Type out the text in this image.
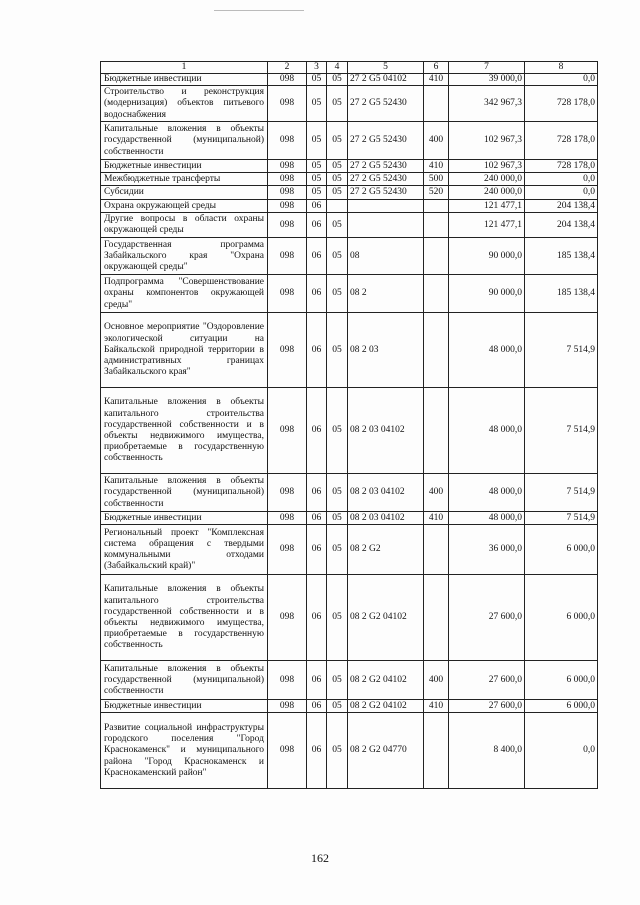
1	2	3	4	5	6	7	8
Бюджетные инвестиции	098	05	05	27 2 G5 04102	410	39 000,0	0,0
Строительство и реконструкция (модернизация) объектов питьевого водоснабжения	098	05	05	27 2 G5 52430		342 967,3	728 178,0
Капитальные вложения в объекты государственной (муниципальной) собственности	098	05	05	27 2 G5 52430	400	102 967,3	728 178,0
Бюджетные инвестиции	098	05	05	27 2 G5 52430	410	102 967,3	728 178,0
Межбюджетные трансферты	098	05	05	27 2 G5 52430	500	240 000,0	0,0
Субсидии	098	05	05	27 2 G5 52430	520	240 000,0	0,0
Охрана окружающей среды	098	06				121 477,1	204 138,4
Другие вопросы в области охраны окружающей среды	098	06	05			121 477,1	204 138,4
Государственная программа Забайкальского края "Охрана окружающей среды"	098	06	05	08		90 000,0	185 138,4
Подпрограмма "Совершенствование охраны компонентов окружающей среды"	098	06	05	08 2		90 000,0	185 138,4
Основное мероприятие "Оздоровление экологической ситуации на Байкальской природной территории в административных границах Забайкальского края"	098	06	05	08 2 03		48 000,0	7 514,9
Капитальные вложения в объекты капитального строительства государственной собственности и в объекты недвижимого имущества, приобретаемые в государственную собственность	098	06	05	08 2 03 04102		48 000,0	7 514,9
Капитальные вложения в объекты государственной (муниципальной) собственности	098	06	05	08 2 03 04102	400	48 000,0	7 514,9
Бюджетные инвестиции	098	06	05	08 2 03 04102	410	48 000,0	7 514,9
Региональный проект "Комплексная система обращения с твердыми коммунальными отходами (Забайкальский край)"	098	06	05	08 2 G2		36 000,0	6 000,0
Капитальные вложения в объекты капитального строительства государственной собственности и в объекты недвижимого имущества, приобретаемые в государственную собственность	098	06	05	08 2 G2 04102		27 600,0	6 000,0
Капитальные вложения в объекты государственной (муниципальной) собственности	098	06	05	08 2 G2 04102	400	27 600,0	6 000,0
Бюджетные инвестиции	098	06	05	08 2 G2 04102	410	27 600,0	6 000,0
Развитие социальной инфраструктуры городского поселения "Город Краснокаменск" и муниципального района "Город Краснокаменск и Краснокаменский район"	098	06	05	08 2 G2 04770		8 400,0	0,0
162
